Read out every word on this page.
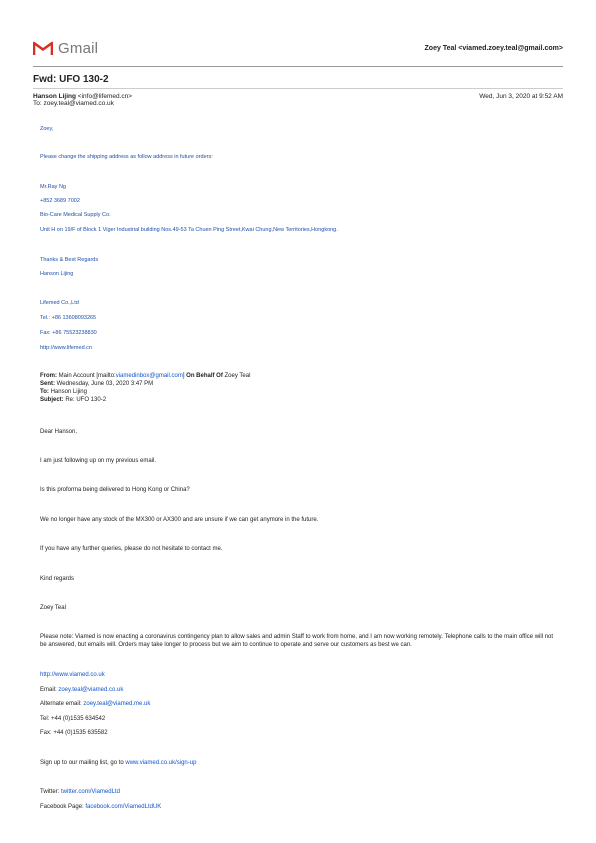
Gmail	Zoey Teal <viamed.zoey.teal@gmail.com>
Fwd: UFO 130-2
Hanson Lijing <info@lifemed.cn>
To: zoey.teal@viamed.co.uk
Wed, Jun 3, 2020 at 9:52 AM
Zoey,
Please change the shipping address as follow address in future orders:
Mr.Ray Ng
+852 3689 7002
Bio-Care Medical Supply Co.
Unit H on 19/F of Block 1 Viger Industrial building Nos.49-53 Ta Chuen Ping Street,Kwai Chung,New Territories,Hongkong.
Thanks & Best Regards
Hanson Lijing
Lifemed Co.,Ltd
Tel.: +86 13608093265
Fax: +86 75523238830
http://www.lifemed.cn
From: Main Account [mailto:viamedinbox@gmail.com] On Behalf Of Zoey Teal
Sent: Wednesday, June 03, 2020 3:47 PM
To: Hanson Lijing
Subject: Re: UFO 130-2
Dear Hanson,
I am just following up on my previous email.
Is this proforma being delivered to Hong Kong or China?
We no longer have any stock of the MX300 or AX300 and are unsure if we can get anymore in the future.
If you have any further queries, please do not hesitate to contact me.
Kind regards
Zoey Teal
Please note: Viamed is now enacting a coronavirus contingency plan to allow sales and admin Staff to work from home, and I am now working remotely. Telephone calls to the main office will not be answered, but emails will. Orders may take longer to process but we aim to continue to operate and serve our customers as best we can.
http://www.viamed.co.uk
Email: zoey.teal@viamed.co.uk
Alternate email: zoey.teal@viamed.me.uk
Tel: +44 (0)1535 634542
Fax: +44 (0)1535 635582
Sign up to our mailing list, go to www.viamed.co.uk/sign-up
Twitter: twitter.com/ViamedLtd
Facebook Page: facebook.com/ViamedLtdUK
